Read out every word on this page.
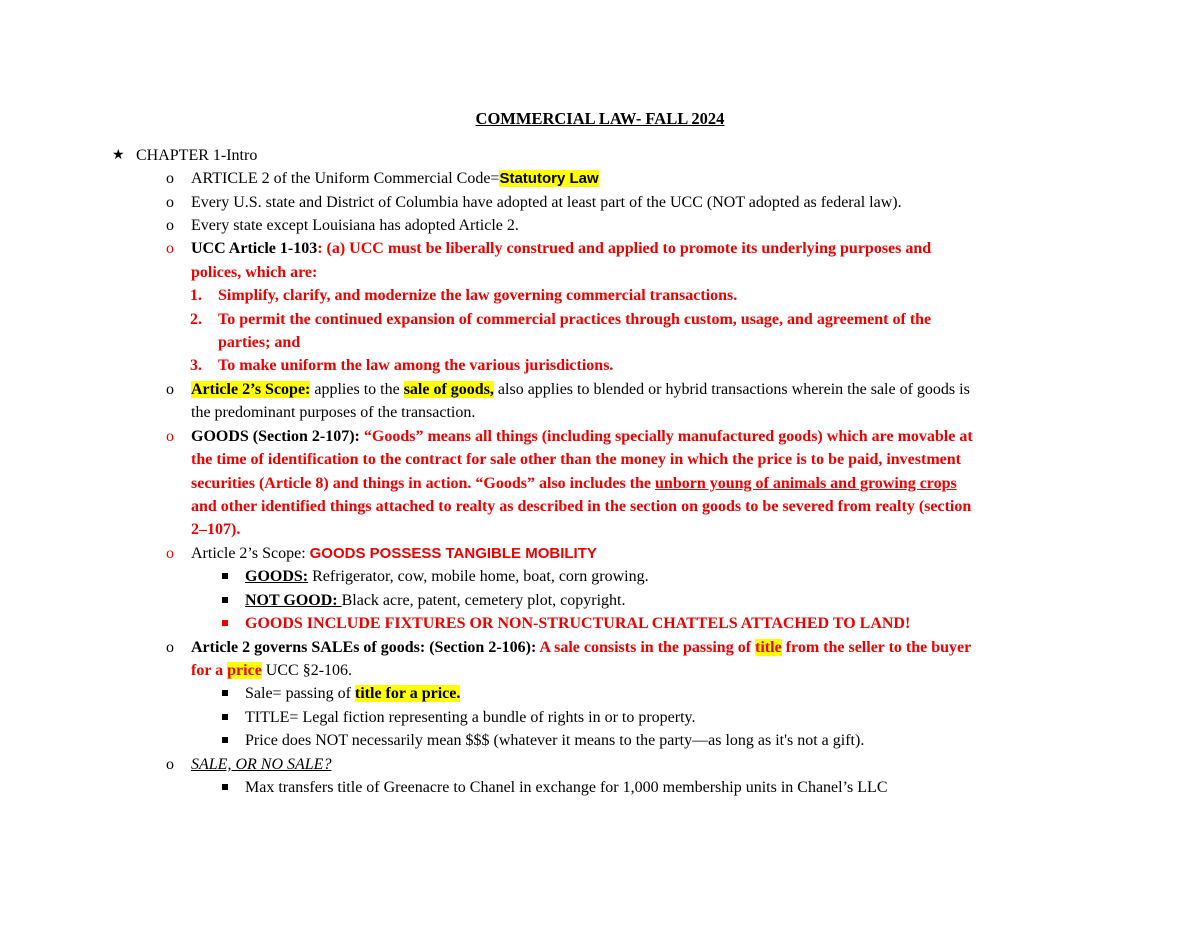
COMMERCIAL LAW- FALL 2024
★ CHAPTER 1-Intro
o ARTICLE 2 of the Uniform Commercial Code=Statutory Law
o Every U.S. state and District of Columbia have adopted at least part of the UCC (NOT adopted as federal law).
o Every state except Louisiana has adopted Article 2.
o UCC Article 1-103: (a) UCC must be liberally construed and applied to promote its underlying purposes and
polices, which are:
1. Simplify, clarify, and modernize the law governing commercial transactions.
2. To permit the continued expansion of commercial practices through custom, usage, and agreement of the
parties; and
3. To make uniform the law among the various jurisdictions.
o Article 2’s Scope: applies to the sale of goods, also applies to blended or hybrid transactions wherein the sale of goods is
the predominant purposes of the transaction.
o GOODS (Section 2-107): “Goods” means all things (including specially manufactured goods) which are movable at
the time of identification to the contract for sale other than the money in which the price is to be paid, investment
securities (Article 8) and things in action. “Goods” also includes the unborn young of animals and growing crops
and other identified things attached to realty as described in the section on goods to be severed from realty (section
2–107).
o Article 2’s Scope: GOODS POSSESS TANGIBLE MOBILITY
GOODS: Refrigerator, cow, mobile home, boat, corn growing.
NOT GOOD: Black acre, patent, cemetery plot, copyright.
GOODS INCLUDE FIXTURES OR NON-STRUCTURAL CHATTELS ATTACHED TO LAND!
o Article 2 governs SALEs of goods: (Section 2-106): A sale consists in the passing of title from the seller to the buyer
for a price UCC §2-106.
Sale= passing of title for a price.
TITLE= Legal fiction representing a bundle of rights in or to property.
Price does NOT necessarily mean $$$ (whatever it means to the party—as long as it's not a gift).
o SALE, OR NO SALE?
Max transfers title of Greenacre to Chanel in exchange for 1,000 membership units in Chanel’s LLC
